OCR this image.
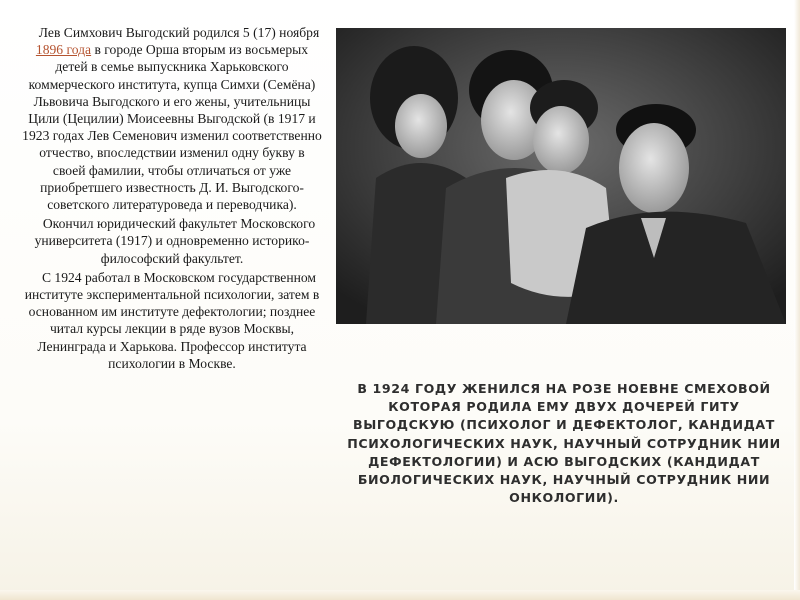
Лев Симхович Выгодский родился 5 (17) ноября 1896 года в городе Орша вторым из восьмерых детей в семье выпускника Харьковского коммерческого института, купца Симхи (Семёна) Львовича Выгодского и его жены, учительницы Цили (Цецилии) Моисеевны Выгодской (в 1917 и 1923 годах Лев Семенович изменил соответственно отчество, впоследствии изменил одну букву в своей фамилии, чтобы отличаться от уже приобретшего известность Д. И. Выгодского-советского литературоведа и переводчика).

Окончил юридический факультет Московского университета (1917) и одновременно историко-философский факультет.

С 1924 работал в Московском государственном институте экспериментальной психологии, затем в основанном им институте дефектологии; позднее читал курсы лекции в ряде вузов Москвы, Ленинграда и Харькова. Профессор института психологии в Москве.

В 1924 ГОДУ ЖЕНИЛСЯ НА РОЗЕ НОЕВНЕ СМЕХОВОЙ КОТОРАЯ РОДИЛА ЕМУ ДВУХ ДОЧЕРЕЙ ГИТУ ВЫГОДСКУЮ (ПСИХОЛОГ И ДЕФЕКТОЛОГ, КАНДИДАТ ПСИХОЛОГИЧЕСКИХ НАУК, НАУЧНЫЙ СОТРУДНИК НИИ ДЕФЕКТОЛОГИИ) И АСЮ ВЫГОДСКИХ (КАНДИДАТ БИОЛОГИЧЕСКИХ НАУК, НАУЧНЫЙ СОТРУДНИК НИИ ОНКОЛОГИИ).
